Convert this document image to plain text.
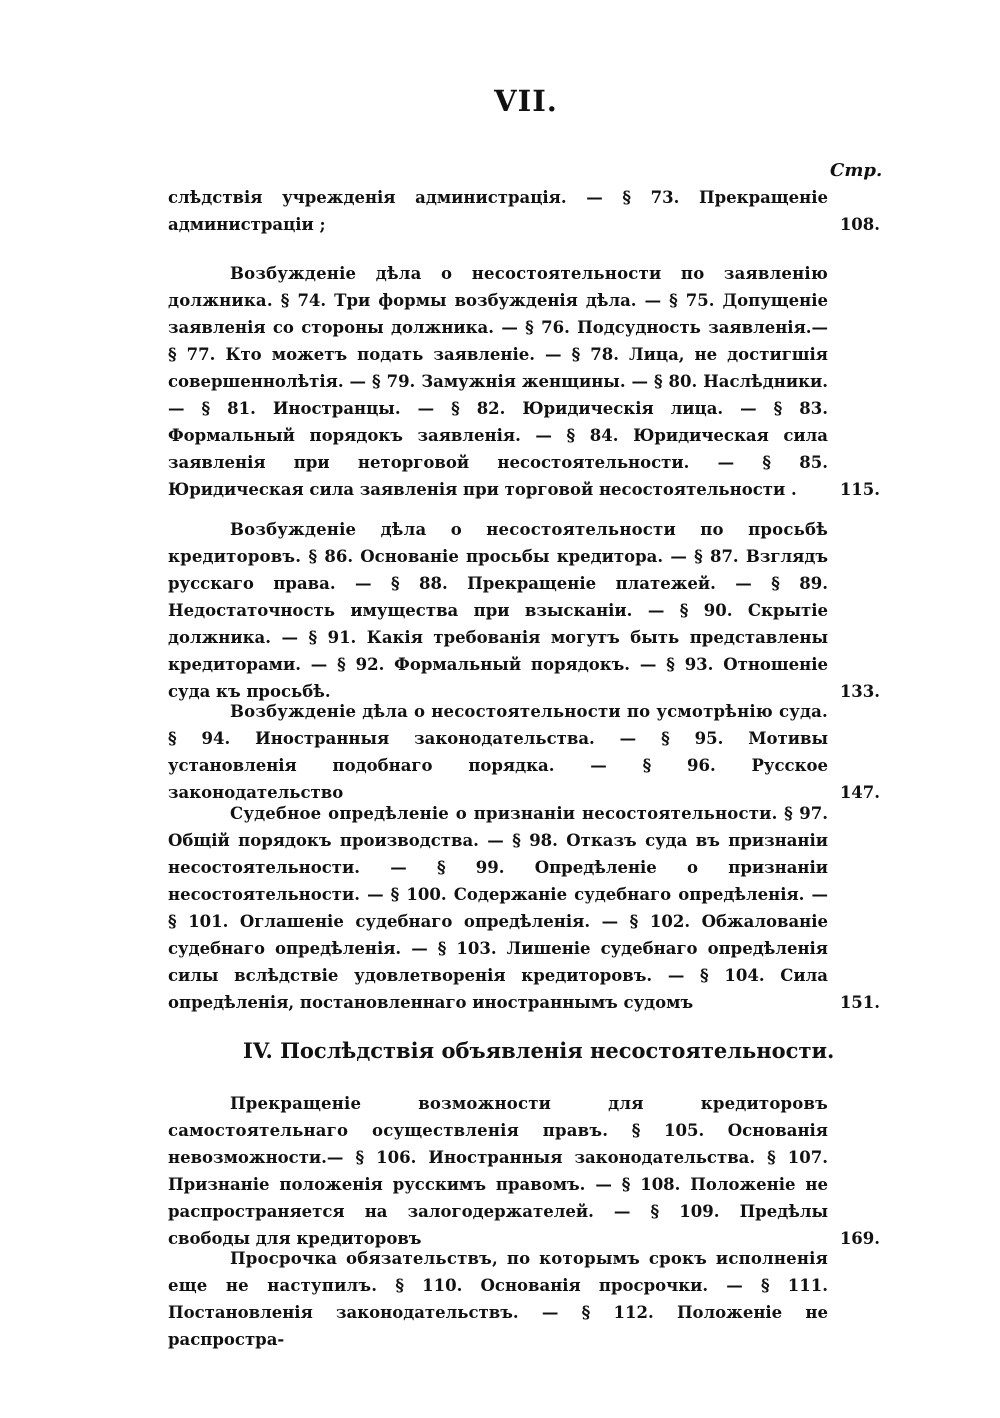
VII.
Стр.
слѣдствія учрежденія администрація. — § 73. Прекращеніе администраціи ;	108.
Возбужденіе дѣла о несостоятельности по заявленію должника. § 74. Три формы возбужденія дѣла. — § 75. Допущеніе заявленія со стороны должника. — § 76. Подсудность заявленія.— § 77. Кто можетъ подать заявленіе. — § 78. Лица, не достигшія совершеннолѣтія. — § 79. Замужнія женщины. — § 80. Наслѣдники.— § 81. Иностранцы. — § 82. Юридическія лица. — § 83. Формальный порядокъ заявленія. — § 84. Юридическая сила заявленія при неторговой несостоятельности. — § 85. Юридическая сила заявленія при торговой несостоятельности .	115.
Возбужденіе дѣла о несостоятельности по просьбѣ кредиторовъ. § 86. Основаніе просьбы кредитора. — § 87. Взглядъ русскаго права. — § 88. Прекращеніе платежей. — § 89. Недостаточность имущества при взысканіи. — § 90. Скрытіе должника. — § 91. Какія требованія могутъ быть представлены кредиторами. — § 92. Формальный порядокъ. — § 93. Отношеніе суда къ просьбѣ.	133.
Возбужденіе дѣла о несостоятельности по усмотрѣнію суда. § 94. Иностранныя законодательства. — § 95. Мотивы установленія подобнаго порядка. — § 96. Русское законодательство	147.
Судебное опредѣленіе о признаніи несостоятельности. § 97. Общій порядокъ производства. — § 98. Отказъ суда въ признаніи несостоятельности. — § 99. Опредѣленіе о признаніи несостоятельности. — § 100. Содержаніе судебнаго опредѣленія. — § 101. Оглашеніе судебнаго опредѣленія. — § 102. Обжалованіе судебнаго опредѣленія. — § 103. Лишеніе судебнаго опредѣленія силы вслѣдствіе удовлетворенія кредиторовъ. — § 104. Сила опредѣленія, постановленнаго иностраннымъ судомъ	151.
IV. Послѣдствія объявленія несостоятельности.
Прекращеніе возможности для кредиторовъ самостоятельнаго осуществленія правъ. § 105. Основанія невозможности.— § 106. Иностранныя законодательства. § 107. Признаніе положенія русскимъ правомъ. — § 108. Положеніе не распространяется на залогодержателей. — § 109. Предѣлы свободы для кредиторовъ	169.
Просрочка обязательствъ, по которымъ срокъ исполненія еще не наступилъ. § 110. Основанія просрочки. — § 111. Постановленія законодательствъ. — § 112. Положеніе не распростра-
